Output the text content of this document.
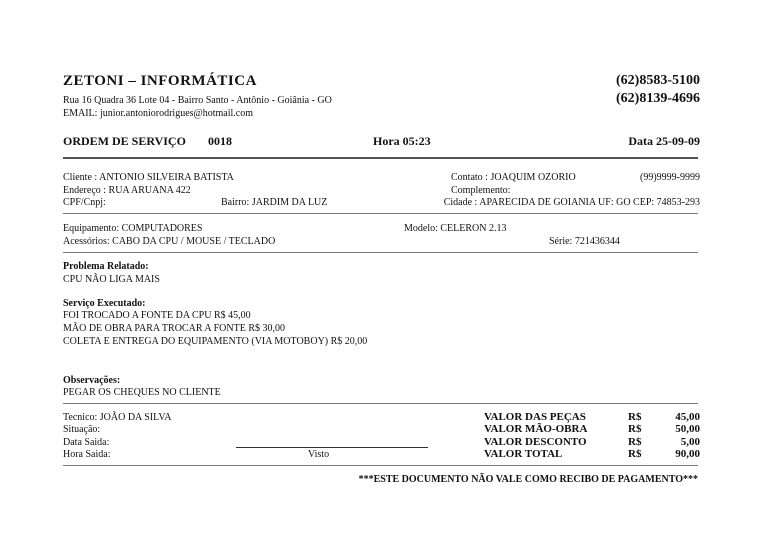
ZETONI – INFORMÁTICA
Rua 16 Quadra 36 Lote 04 - Bairro Santo - Antônio - Goiânia - GO
EMAIL: junior.antoniorodrigues@hotmail.com
(62)8583-5100
(62)8139-4696
ORDEM DE SERVIÇO 0018	Hora 05:23	Data 25-09-09
Cliente : ANTONIO SILVEIRA BATISTA
Endereço : RUA ARUANA 422
CPF/Cnpj:	Bairro: JARDIM DA LUZ
Contato : JOAQUIM OZORIO	(99)9999-9999
Complemento:
Cidade : APARECIDA DE GOIANIA UF: GO CEP: 74853-293
Equipamento: COMPUTADORES	Modelo: CELERON 2.13
Acessórios: CABO DA CPU / MOUSE / TECLADO	Série: 721436344
Problema Relatado:
CPU NÃO LIGA MAIS
Serviço Executado:
FOI TROCADO A FONTE DA CPU R$ 45,00
MÃO DE OBRA PARA TROCAR A FONTE R$ 30,00
COLETA E ENTREGA DO EQUIPAMENTO (VIA MOTOBOY) R$ 20,00
Observações:
PEGAR OS CHEQUES NO CLIENTE
Tecnico: JOÃO DA SILVA
Situação:
Data Saida:
Hora Saida:	Visto
VALOR DAS PEÇAS	R$	45,00
VALOR MÃO-OBRA	R$	50,00
VALOR DESCONTO	R$	5,00
VALOR TOTAL	R$	90,00
***ESTE DOCUMENTO NÃO VALE COMO RECIBO DE PAGAMENTO***
